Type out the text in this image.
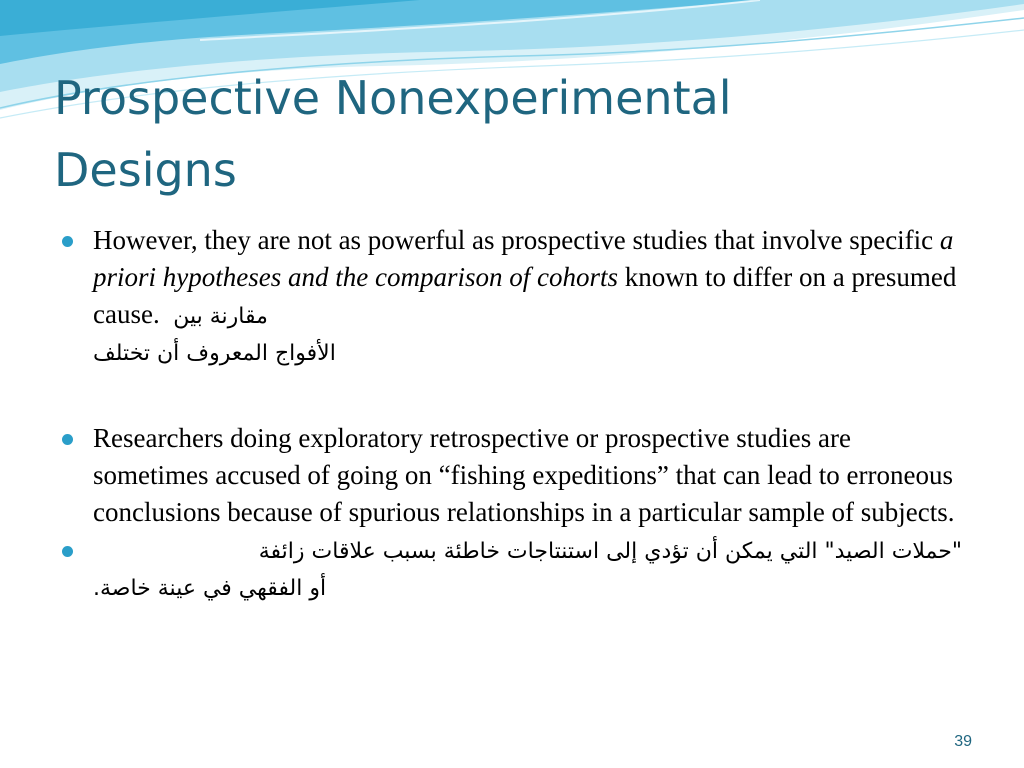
Prospective Nonexperimental
Designs
However, they are not as powerful as prospective studies that involve specific a priori hypotheses and the comparison of cohorts known to differ on a presumed cause. مقارنة بين
الأفواج المعروف أن تختلف
Researchers doing exploratory retrospective or prospective studies are sometimes accused of going on “fishing expeditions” that can lead to erroneous conclusions because of spurious relationships in a particular sample of subjects.
"حملات الصيد" التي يمكن أن تؤدي إلى استنتاجات خاطئة بسبب علاقات زائفة
أو الفقهي في عينة خاصة.
39
